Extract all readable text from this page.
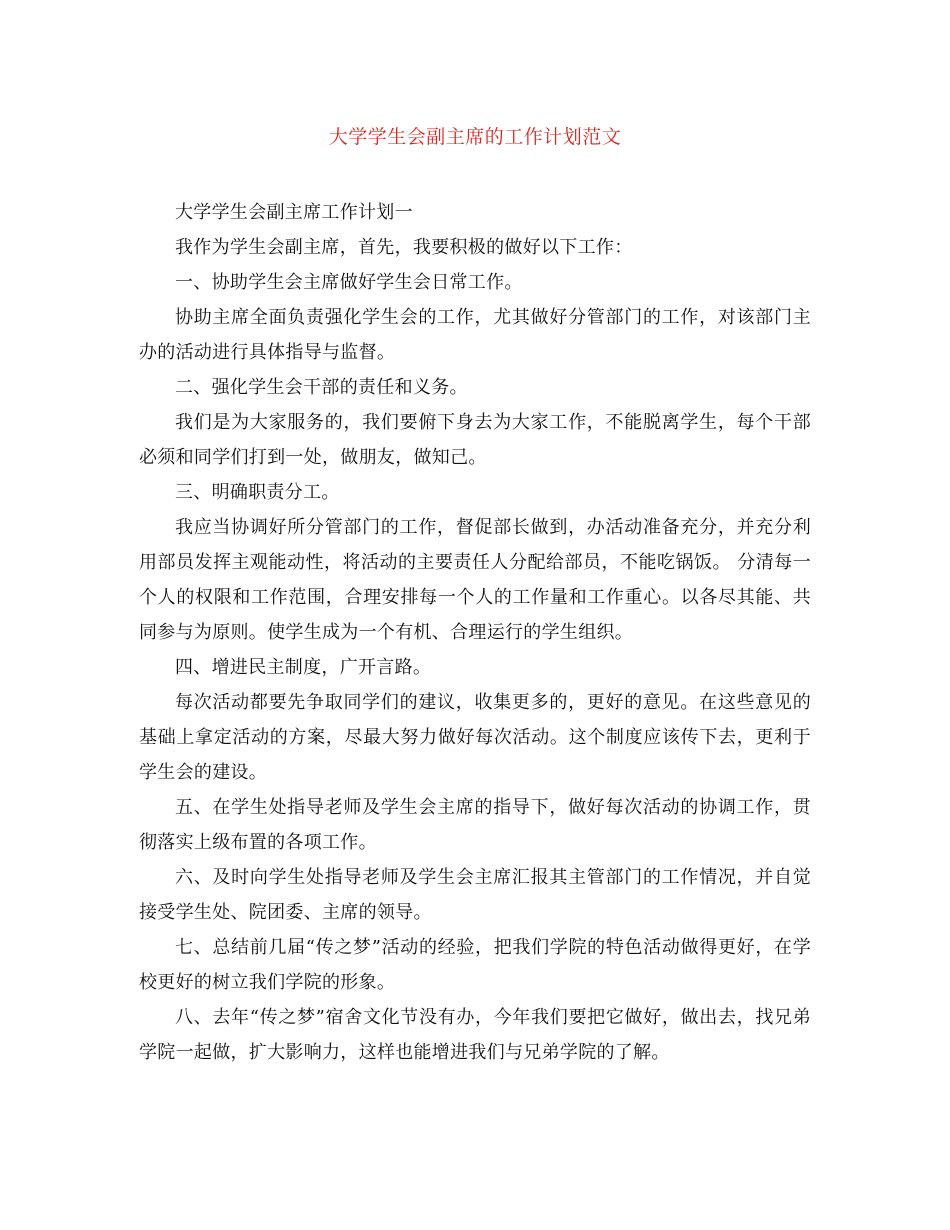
大学学生会副主席的工作计划范文

大学学生会副主席工作计划一

我作为学生会副主席，首先，我要积极的做好以下工作：

一、协助学生会主席做好学生会日常工作。

协助主席全面负责强化学生会的工作，尤其做好分管部门的工作，对该部门主办的活动进行具体指导与监督。

二、强化学生会干部的责任和义务。

我们是为大家服务的，我们要俯下身去为大家工作，不能脱离学生，每个干部必须和同学们打到一处，做朋友，做知己。

三、明确职责分工。

我应当协调好所分管部门的工作，督促部长做到，办活动准备充分，并充分利用部员发挥主观能动性，将活动的主要责任人分配给部员，不能吃锅饭。 分清每一个人的权限和工作范围，合理安排每一个人的工作量和工作重心。以各尽其能、共同参与为原则。使学生成为一个有机、合理运行的学生组织。

四、增进民主制度，广开言路。

每次活动都要先争取同学们的建议，收集更多的，更好的意见。在这些意见的基础上拿定活动的方案，尽最大努力做好每次活动。这个制度应该传下去，更利于学生会的建设。

五、在学生处指导老师及学生会主席的指导下，做好每次活动的协调工作，贯彻落实上级布置的各项工作。

六、及时向学生处指导老师及学生会主席汇报其主管部门的工作情况，并自觉接受学生处、院团委、主席的领导。

七、总结前几届“传之梦”活动的经验，把我们学院的特色活动做得更好，在学校更好的树立我们学院的形象。

八、去年“传之梦”宿舍文化节没有办，今年我们要把它做好，做出去，找兄弟学院一起做，扩大影响力，这样也能增进我们与兄弟学院的了解。
